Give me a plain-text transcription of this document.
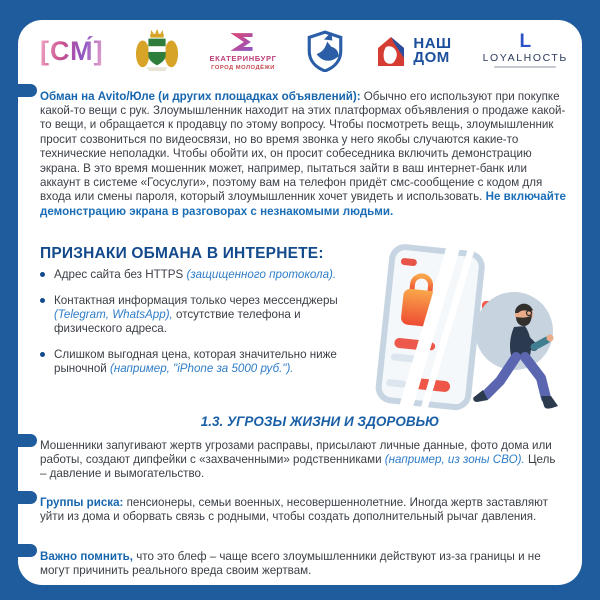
[СМ́]	ЕКАТЕРИНБУРГ
ГОРОД МОЛОДЁЖИ
НАШ
ДОМ
L
LOYALНОСТЬ

Обман на Avito/Юле (и других площадках объявлений): Обычно его используют при покупке какой-то вещи с рук. Злоумышленник находит на этих платформах объявления о продаже какой-то вещи, и обращается к продавцу по этому вопросу. Чтобы посмотреть вещь, злоумышленник просит созвониться по видеосвязи, но во время звонка у него якобы случаются какие-то технические неполадки. Чтобы обойти их, он просит собеседника включить демонстрацию экрана. В это время мошенник может, например, пытаться зайти в ваш интернет-банк или аккаунт в системе «Госуслуги», поэтому вам на телефон придёт смс-сообщение с кодом для входа или смены пароля, который злоумышленник хочет увидеть и использовать. Не включайте демонстрацию экрана в разговорах с незнакомыми людьми.

ПРИЗНАКИ ОБМАНА В ИНТЕРНЕТЕ:
Адрес сайта без HTTPS (защищенного протокола).
Контактная информация только через мессенджеры (Telegram, WhatsApp), отсутствие телефона и физического адреса.
Слишком выгодная цена, которая значительно ниже рыночной (например, "iPhone за 5000 руб.").
1.3. УГРОЗЫ ЖИЗНИ И ЗДОРОВЬЮ

Мошенники запугивают жертв угрозами расправы, присылают личные данные, фото дома или работы, создают дипфейки с «захваченными» родственниками (например, из зоны СВО). Цель – давление и вымогательство.

Группы риска: пенсионеры, семьи военных, несовершеннолетние. Иногда жертв заставляют уйти из дома и оборвать связь с родными, чтобы создать дополнительный рычаг давления.

Важно помнить, что это блеф – чаще всего злоумышленники действуют из-за границы и не могут причинить реального вреда своим жертвам.
